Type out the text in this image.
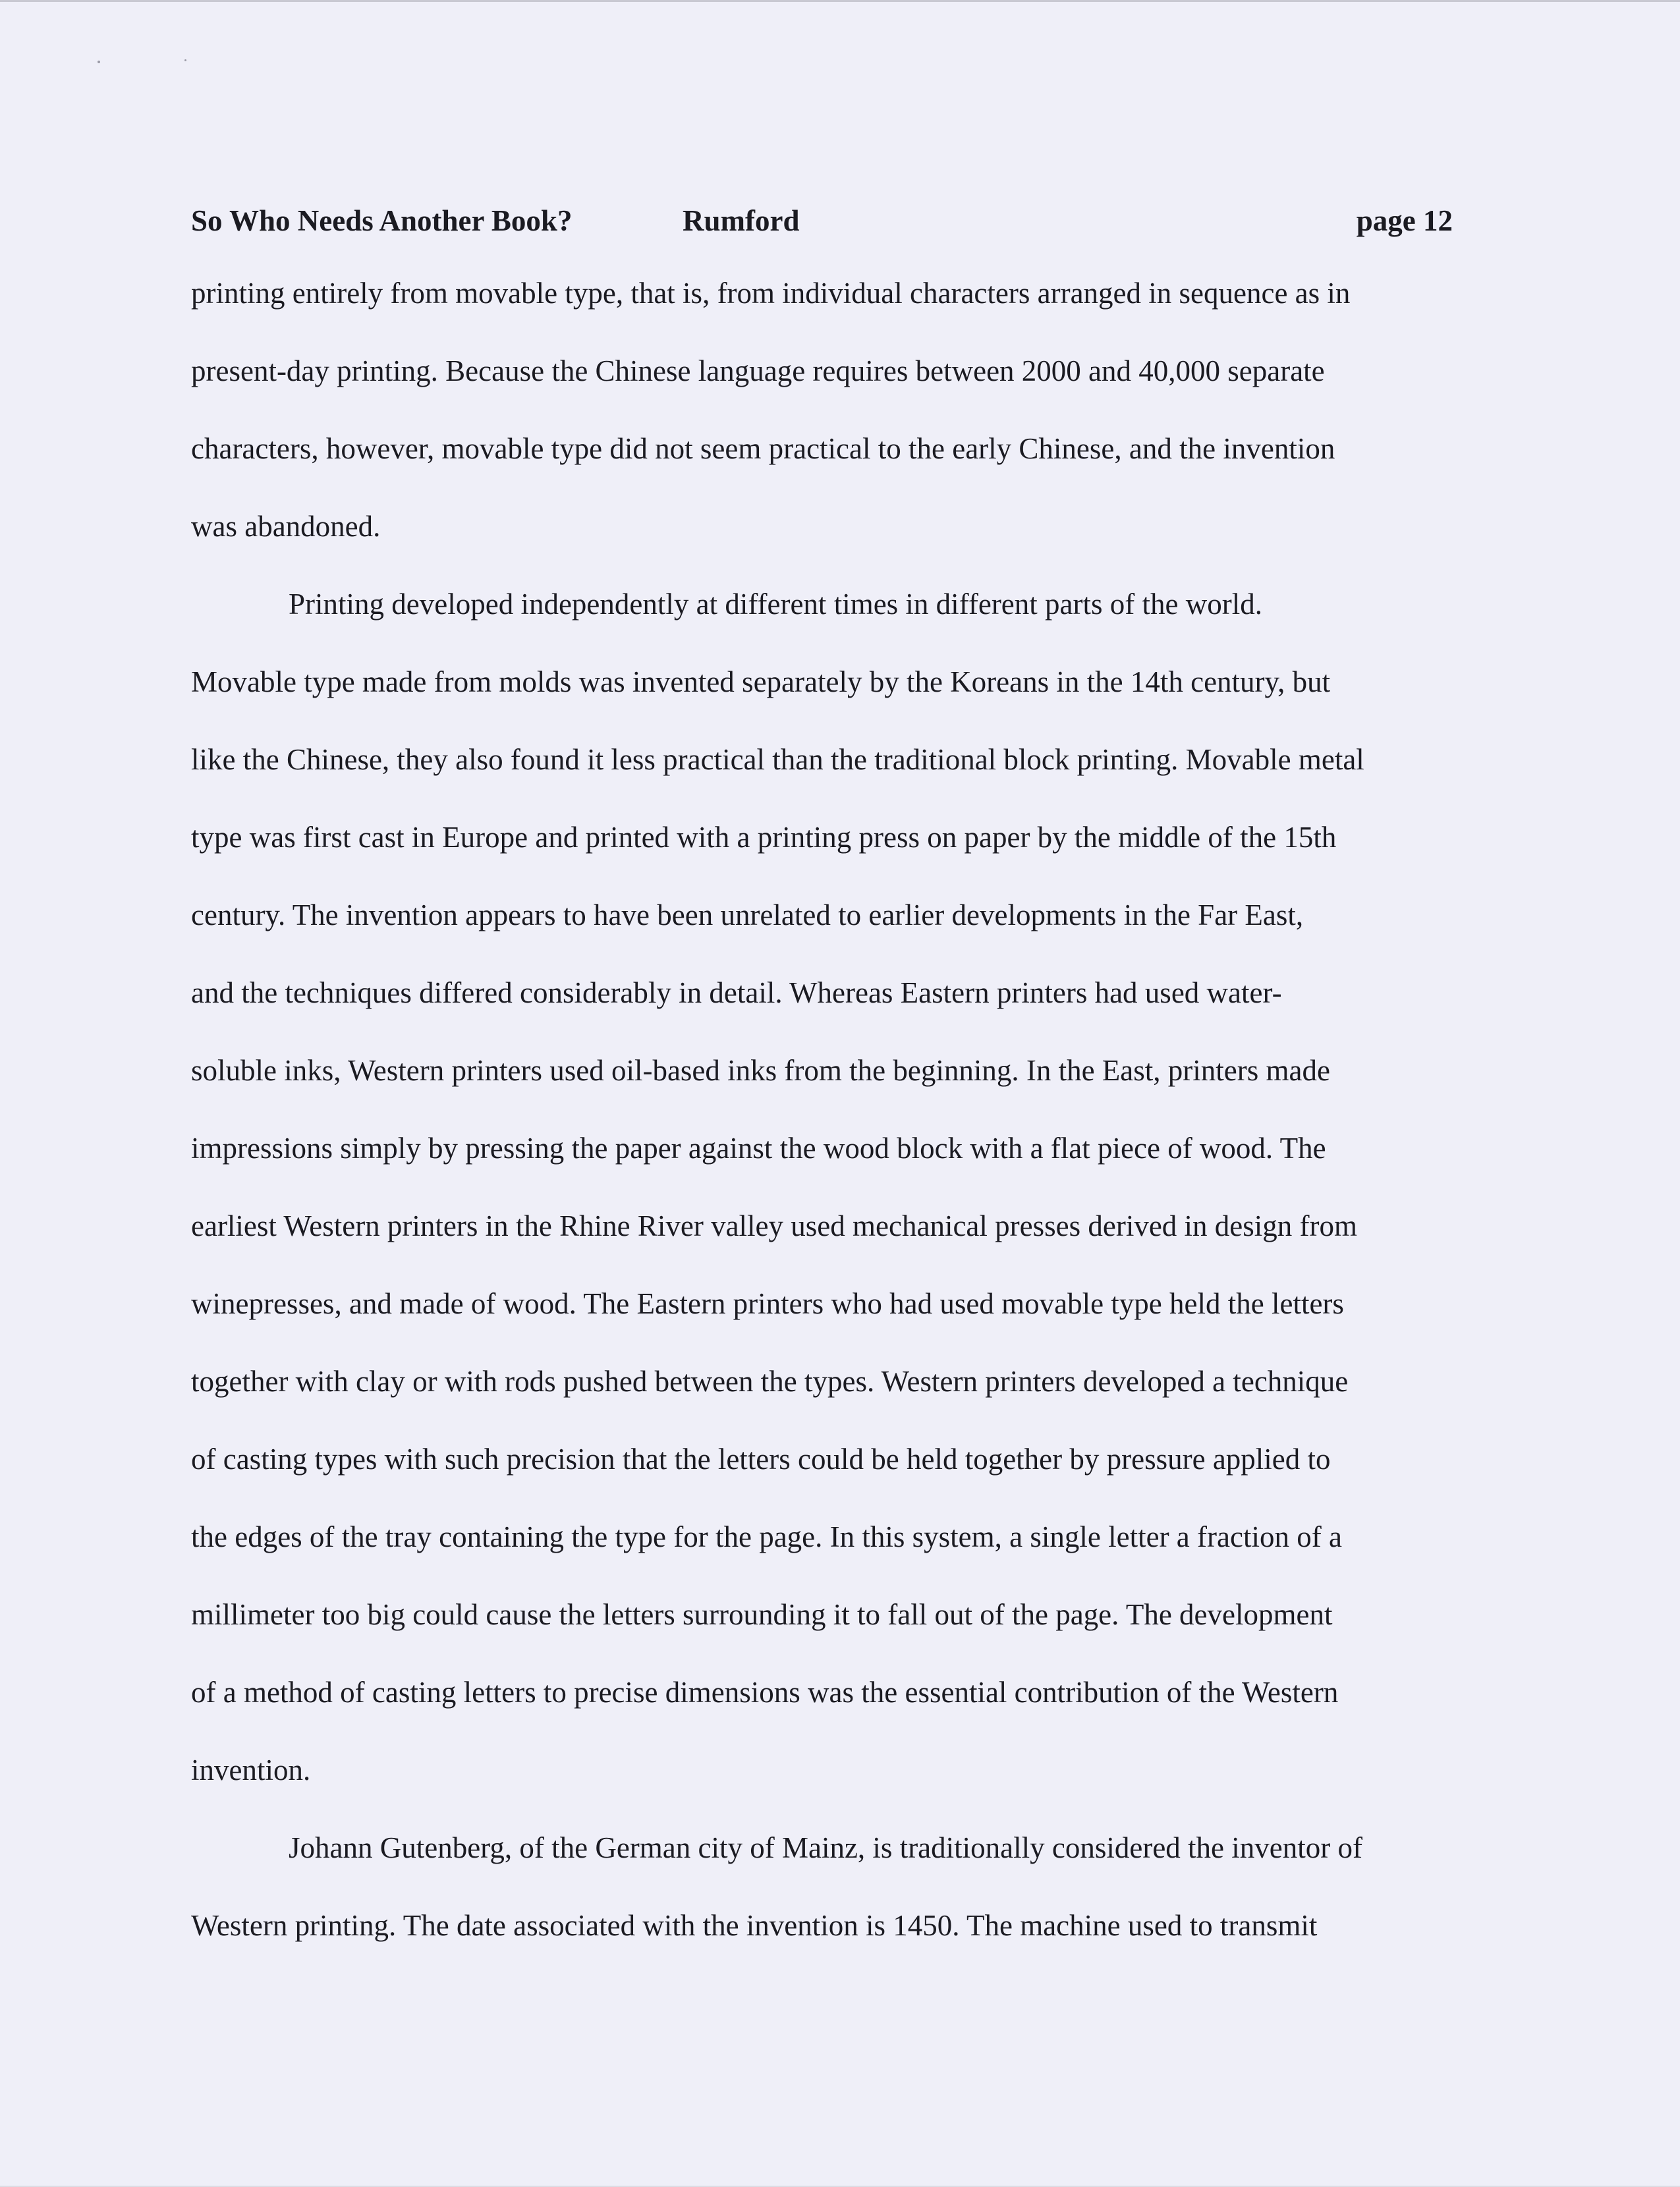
So Who Needs Another Book?	Rumford	page 12
printing entirely from movable type, that is, from individual characters arranged in sequence as in
present-day printing. Because the Chinese language requires between 2000 and 40,000 separate
characters, however, movable type did not seem practical to the early Chinese, and the invention
was abandoned.
Printing developed independently at different times in different parts of the world.
Movable type made from molds was invented separately by the Koreans in the 14th century, but
like the Chinese, they also found it less practical than the traditional block printing. Movable metal
type was first cast in Europe and printed with a printing press on paper by the middle of the 15th
century. The invention appears to have been unrelated to earlier developments in the Far East,
and the techniques differed considerably in detail. Whereas Eastern printers had used water-
soluble inks, Western printers used oil-based inks from the beginning. In the East, printers made
impressions simply by pressing the paper against the wood block with a flat piece of wood. The
earliest Western printers in the Rhine River valley used mechanical presses derived in design from
winepresses, and made of wood. The Eastern printers who had used movable type held the letters
together with clay or with rods pushed between the types. Western printers developed a technique
of casting types with such precision that the letters could be held together by pressure applied to
the edges of the tray containing the type for the page. In this system, a single letter a fraction of a
millimeter too big could cause the letters surrounding it to fall out of the page. The development
of a method of casting letters to precise dimensions was the essential contribution of the Western
invention.
Johann Gutenberg, of the German city of Mainz, is traditionally considered the inventor of
Western printing. The date associated with the invention is 1450. The machine used to transmit
